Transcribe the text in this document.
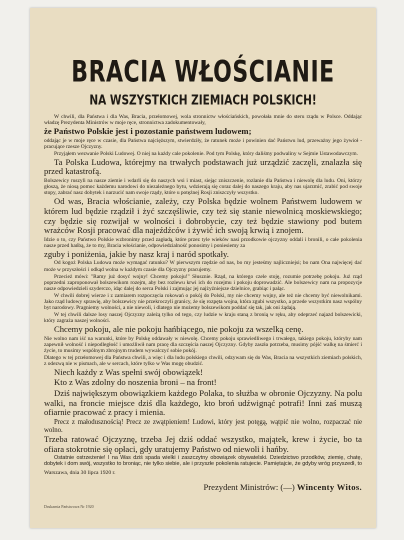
BRACIA WŁOŚCIANIE
NA WSZYSTKICH ZIEMIACH POLSKICH!

W chwili, dla Państwa i dla Was, Bracia, przełomowej, wola stronnictw włościańskich, powołała mnie do steru rządu w Polsce. Oddając władzę Prezydenta Ministrów w moje ręce, stronnictwa zadokumentowały,

że Państwo Polskie jest i pozostanie państwem ludowem;

oddając je w moje ręce w czasie, dla Państwa najcięższym, stwierdziły, że ratunek może i powinien dać Państwu lud, przeważny jego żywioł - pracujące rzesze Ojczyzny.

Przyjąłem wezwanie Polski Ludowej. O niej na każdy cale pokolenie. Pod tym Polskę, który daliśmy podwaliny w Sejmie Ustawodawczym.

Ta Polska Ludowa, którejmy na trwałych podstawach już urządzić zaczęli, znalazła się przed katastrofą.

Bolszewicy ruszyli na nasze ziemie i wdarli się do naszych wsi i miast, siejąc zniszczenie, rozlanie dla Państwa i niewolę dla ludu. Oni, którzy głoszą, że niosą pomoc każdemu narodowi do niezależnego bytu, wdzierają się coraz dalej do naszego kraju, aby nas ujarzmić, zrabić pod swoje stopy, zabrać nasz dobytek i narzucić nam swoje rządy, które u potężnej Rosji zniszczyły wszystko.

Od was, Bracia włościanie, zależy, czy Polska będzie wolnem Państwem ludowem w którem lud będzie rządził i żyć szczęśliwie, czy też się stanie niewolnicą moskiewskiego; czy będzie się rozwijał w wolności i dobrobycie, czy też będzie stawiony pod butem wrażców Rosji pracować dla najeźdźców i żywić ich swoją krwią i znojem.

Idzie o to, czy Państwo Polskie wzbronimy przed zagładą, które przez tyle wieków nasi przodkowie ojczyzny oddali i bronili, o całe pokolenia nasze przed hańbą, że to my, Bracia włościanie, odpowiedzialność ponosimy i poniesiemy za

zguby i poniżenia, jakie by nasz kraj i naród spotkały.

Od kogoż Polska Ludowa może wymagać ratunku? W pierwszym rzędzie od nas, bo my jesteśmy najliczniejsi; bo nam Ona najwięcej dać może w przyszłości i odkąd wolna w każdym czasie dla Ojczyzny pracujemy.

Przecież mówi: "Ramy już dosyć wojny! Chcemy pokoju!" Słusznie. Rząd, na którego czele stoję, rozumie potrzebę pokoju. Już rząd poprzedni zaproponował bolszewikom rozejm, aby bez rozlewu krwi ich do rozejmu i pokoju doprowadzić. Ale bolszewicy nam na propozycje nasze odpowiedzieli szyderczo, idąc dalej do serca Polski i zajmując jej najżyźniejsze dzielnice, grabiąc i paląc.

W chwili dobrej wierze i z zamiarem rozpoczęcia rokowań o pokój do Polski, my nie chcemy wojny, ale też nie chcemy być niewolnikami. Jako rząd ludowy sprawię, aby bolszewicy nie przekroczyli granicy, że się rozpęta wojna, która zgubi wszystko, a przede wszystkim nasz wspólny byt narodowy. Pragniemy wolności, a nie niewoli, i dlatego nie możemy bolszewikom poddać się tak, jak oni żądają.

W tej chwili dalsze losy naszej Ojczyzny zależą tylko od tego, czy ludzie w kraju staną z bronią w ręku, aby odeprzeć najazd bolszewicki, który zagraża naszej wolności.

Chcemy pokoju, ale nie pokoju hańbiącego, nie pokoju za wszelką cenę.

Nie wolno nam iść na warunki, które by Polskę oddawały w niewolę. Chcemy pokoju sprawiedliwego i trwałego, takiego pokoju, któryby nam zapewnił wolność i niepodległość i umożliwił nam pracę dla szczęścia naszej Ojczyzny. Gdyby zaszła potrzeba, musimy pójść walkę na śmierć i życie, to musimy wspólnym zbrojnym trudem wywalczyć sobie pokój.

Dlatego w tej przełomowej dla Państwa chwili, a więc i dla ludu polskiego chwili, odzywam się do Was, Bracia na wszystkich ziemiach polskich, z odezwą nie w pismach, ale w sercach, które tylko w Was mogę obudzić.

Niech każdy z Was spełni swój obowiązek!

Kto z Was zdolny do noszenia broni – na front!

Dziś największym obowiązkiem każdego Polaka, to służba w obronie Ojczyzny. Na polu walki, na froncie miejsce dziś dla każdego, kto broń udźwignąć potrafi! Inni zaś muszą ofiarnie pracować z pracy i mienia.

Precz z małodusznością! Precz ze zwątpieniem! Ludowi, który jest potęgą, wątpić nie wolno, rozpaczać nie wolno.

Trzeba ratować Ojczyznę, trzeba Jej dziś oddać wszystko, majątek, krew i życie, bo ta ofiara stokrotnie się opłaci, gdy uratujemy Państwo od niewoli i hańby.

Ostatnie ostrzeżenie! I na Was dziś spada wielki i zaszczytny obowiązek obywatelski. Dziedzictwo przodków, ziemię, chatę, dobytek i dom swój, wszystko to broniąc, nie tylko siebie, ale i przyszłe pokolenia ratujecie. Pamiętajcie, że gdyby wróg przyszedł, to

Warszawa, dnia 30 lipca 1920 r.
Prezydent Ministrów: (—) Wincenty Witos.
Drukarnia Państwowa Nr 1920
